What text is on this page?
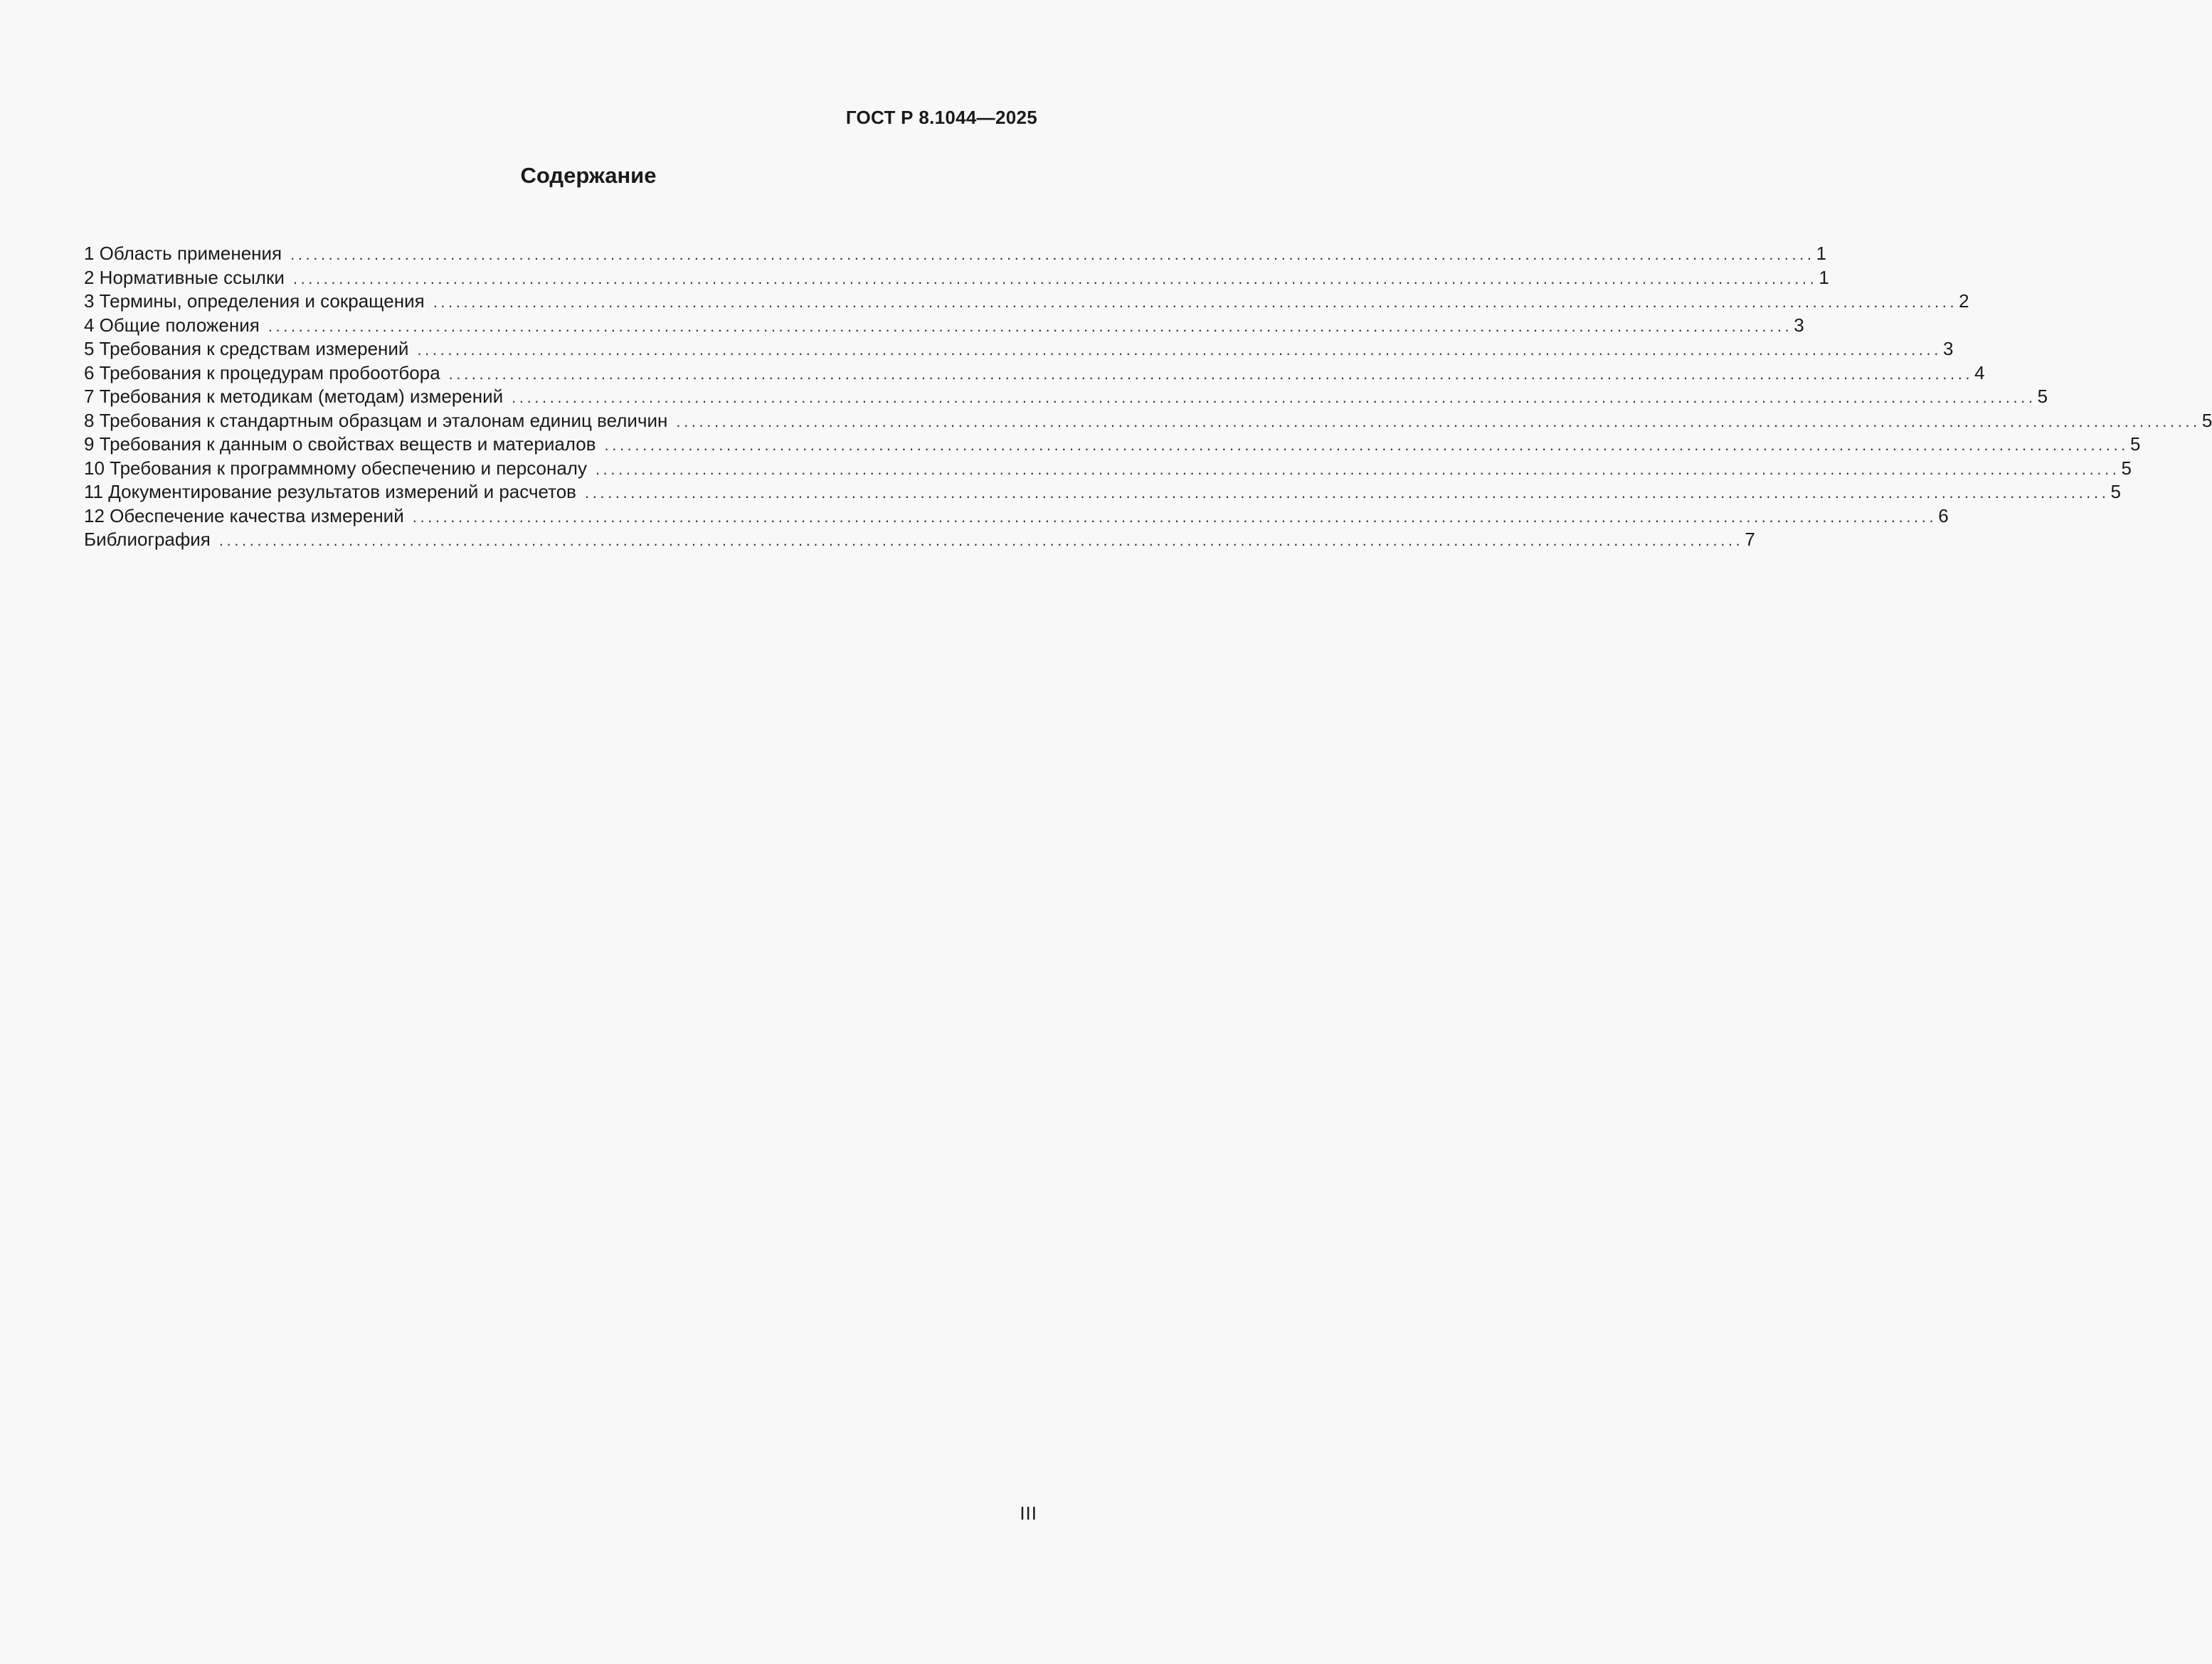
ГОСТ Р 8.1044—2025
Содержание
1 Область применения ........................................................................................................................................................................................................ 1
2 Нормативные ссылки ........................................................................................................................................................................................................ 1
3 Термины, определения и сокращения ........................................................................................................................................................................................................ 2
4 Общие положения ........................................................................................................................................................................................................ 3
5 Требования к средствам измерений ........................................................................................................................................................................................................ 3
6 Требования к процедурам пробоотбора ........................................................................................................................................................................................................ 4
7 Требования к методикам (методам) измерений ........................................................................................................................................................................................................ 5
8 Требования к стандартным образцам и эталонам единиц величин ........................................................................................................................................................................................................ 5
9 Требования к данным о свойствах веществ и материалов ........................................................................................................................................................................................................ 5
10 Требования к программному обеспечению и персоналу ........................................................................................................................................................................................................ 5
11 Документирование результатов измерений и расчетов ........................................................................................................................................................................................................ 5
12 Обеспечение качества измерений ........................................................................................................................................................................................................ 6
Библиография ........................................................................................................................................................................................................ 7
III
